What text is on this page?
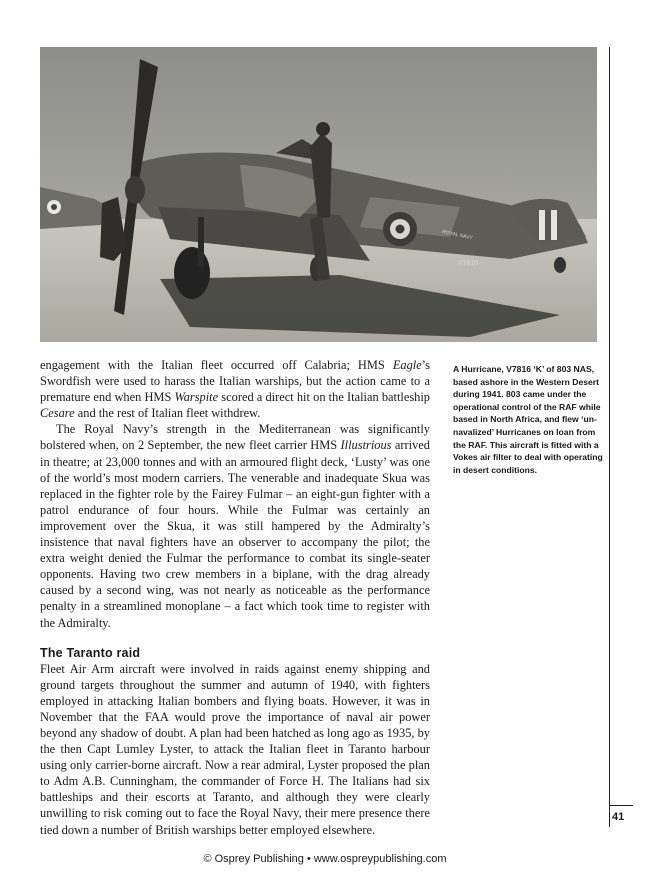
V7816
ROYAL NAVY
41

engagement with the Italian fleet occurred off Calabria; HMS Eagle’s Swordfish were used to harass the Italian warships, but the action came to a premature end when HMS Warspite scored a direct hit on the Italian battleship Cesare and the rest of Italian fleet withdrew.

The Royal Navy’s strength in the Mediterranean was significantly bolstered when, on 2 September, the new fleet carrier HMS Illustrious arrived in theatre; at 23,000 tonnes and with an armoured flight deck, ‘Lusty’ was one of the world’s most modern carriers. The venerable and inadequate Skua was replaced in the fighter role by the Fairey Fulmar – an eight-gun fighter with a patrol endurance of four hours. While the Fulmar was certainly an improvement over the Skua, it was still hampered by the Admiralty’s insistence that naval fighters have an observer to accompany the pilot; the extra weight denied the Fulmar the performance to combat its single-seater opponents. Having two crew members in a biplane, with the drag already caused by a second wing, was not nearly as noticeable as the performance penalty in a streamlined monoplane – a fact which took time to register with the Admiralty.

The Taranto raid

Fleet Air Arm aircraft were involved in raids against enemy shipping and ground targets throughout the summer and autumn of 1940, with fighters employed in attacking Italian bombers and flying boats. However, it was in November that the FAA would prove the importance of naval air power beyond any shadow of doubt. A plan had been hatched as long ago as 1935, by the then Capt Lumley Lyster, to attack the Italian fleet in Taranto harbour using only carrier-borne aircraft. Now a rear admiral, Lyster proposed the plan to Adm A.B. Cunningham, the commander of Force H. The Italians had six battleships and their escorts at Taranto, and although they were clearly unwilling to risk coming out to face the Royal Navy, their mere presence there tied down a number of British warships better employed elsewhere.

A Hurricane, V7816 ‘K’ of 803 NAS, based ashore in the Western Desert during 1941. 803 came under the operational control of the RAF while based in North Africa, and flew ‘un-navalized’ Hurricanes on loan from the RAF. This aircraft is fitted with a Vokes air filter to deal with operating in desert conditions.
© Osprey Publishing • www.ospreypublishing.com
